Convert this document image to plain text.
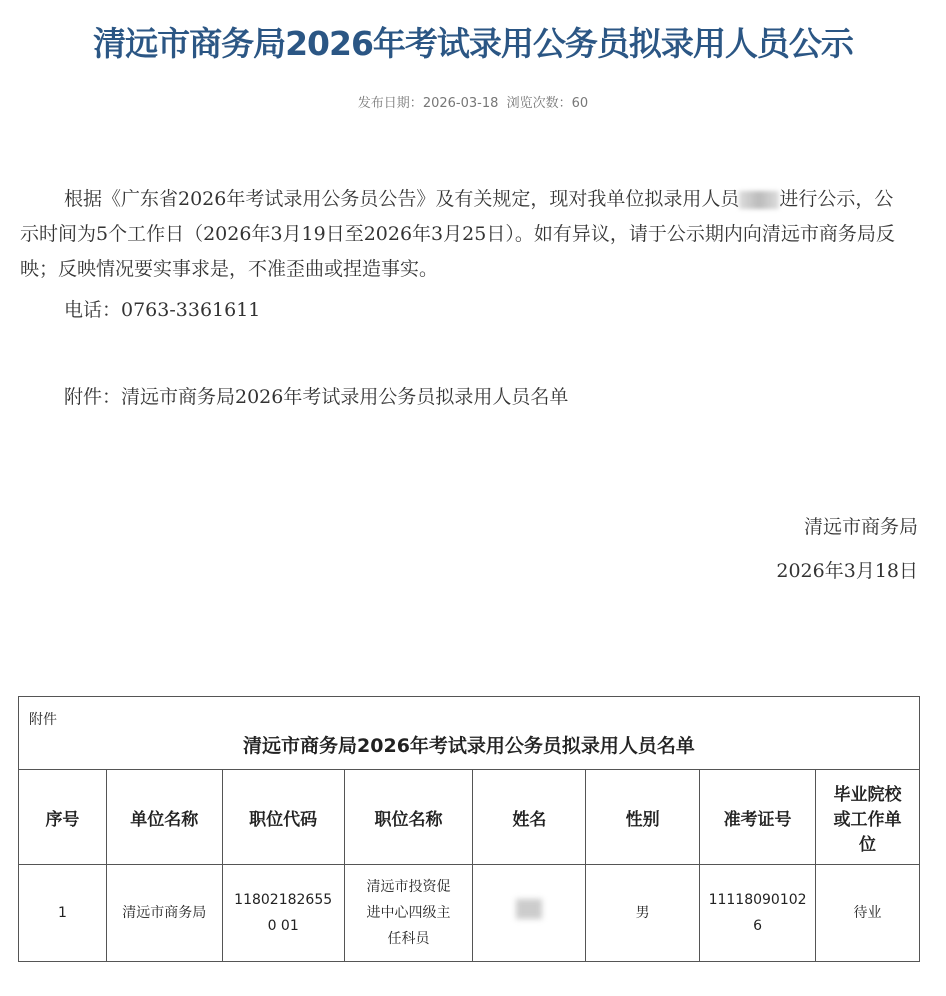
清远市商务局2026年考试录用公务员拟录用人员公示
发布日期：2026-03-18 浏览次数：60

根据《广东省2026年考试录用公务员公告》及有关规定，现对我单位拟录用人员 进行公示，公示时间为5个工作日（2026年3月19日至2026年3月25日）。如有异议，请于公示期内向清远市商务局反映；反映情况要实事求是，不准歪曲或捏造事实。

电话：0763-3361611

附件：清远市商务局2026年考试录用公务员拟录用人员名单

清远市商务局
2026年3月18日
附件
清远市商务局2026年考试录用公务员拟录用人员名单							

序号	单位名称	职位代码	职位名称	姓名	性别	准考证号	毕业院校或工作单位
1	清远市商务局	118021826550 01	清远市投资促进中心四级主任科员		男	11118090102 6	待业
